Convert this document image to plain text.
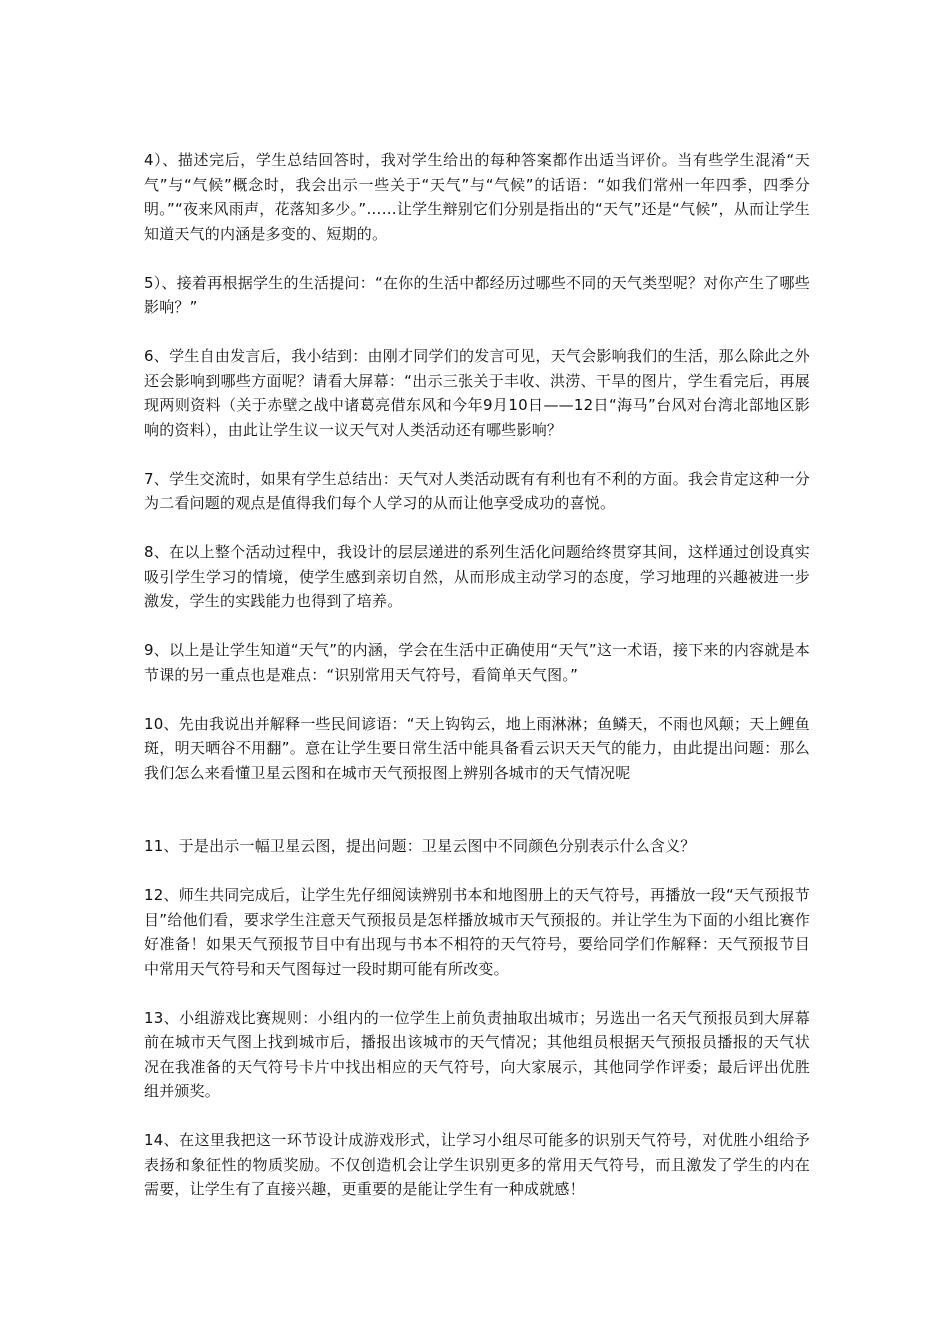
4）、描述完后，学生总结回答时，我对学生给出的每种答案都作出适当评价。当有些学生混淆“天气”与“气候”概念时，我会出示一些关于“天气”与“气候”的话语：“如我们常州一年四季，四季分明。”“夜来风雨声，花落知多少。”……让学生辩别它们分别是指出的“天气”还是“气候”，从而让学生知道天气的内涵是多变的、短期的。

5）、接着再根据学生的生活提问：“在你的生活中都经历过哪些不同的天气类型呢？对你产生了哪些影响？”

6、学生自由发言后，我小结到：由刚才同学们的发言可见，天气会影响我们的生活，那么除此之外还会影响到哪些方面呢？请看大屏幕：“出示三张关于丰收、洪涝、干旱的图片，学生看完后，再展现两则资料（关于赤壁之战中诸葛亮借东风和今年9月10日——12日“海马”台风对台湾北部地区影响的资料），由此让学生议一议天气对人类活动还有哪些影响？

7、学生交流时，如果有学生总结出：天气对人类活动既有有利也有不利的方面。我会肯定这种一分为二看问题的观点是值得我们每个人学习的从而让他享受成功的喜悦。

8、在以上整个活动过程中，我设计的层层递进的系列生活化问题给终贯穿其间，这样通过创设真实吸引学生学习的情境，使学生感到亲切自然，从而形成主动学习的态度，学习地理的兴趣被进一步激发，学生的实践能力也得到了培养。

9、以上是让学生知道“天气”的内涵，学会在生活中正确使用“天气”这一术语，接下来的内容就是本节课的另一重点也是难点：“识别常用天气符号，看简单天气图。”

10、先由我说出并解释一些民间谚语：“天上钩钩云，地上雨淋淋；鱼鳞天，不雨也风颠；天上鲤鱼斑，明天晒谷不用翻”。意在让学生要日常生活中能具备看云识天天气的能力，由此提出问题：那么我们怎么来看懂卫星云图和在城市天气预报图上辨别各城市的天气情况呢

11、于是出示一幅卫星云图，提出问题：卫星云图中不同颜色分别表示什么含义？

12、师生共同完成后，让学生先仔细阅读辨别书本和地图册上的天气符号，再播放一段“天气预报节目”给他们看，要求学生注意天气预报员是怎样播放城市天气预报的。并让学生为下面的小组比赛作好准备！如果天气预报节目中有出现与书本不相符的天气符号，要给同学们作解释：天气预报节目中常用天气符号和天气图每过一段时期可能有所改变。

13、小组游戏比赛规则：小组内的一位学生上前负责抽取出城市；另选出一名天气预报员到大屏幕前在城市天气图上找到城市后，播报出该城市的天气情况；其他组员根据天气预报员播报的天气状况在我准备的天气符号卡片中找出相应的天气符号，向大家展示，其他同学作评委；最后评出优胜组并颁奖。

14、在这里我把这一环节设计成游戏形式，让学习小组尽可能多的识别天气符号，对优胜小组给予表扬和象征性的物质奖励。不仅创造机会让学生识别更多的常用天气符号，而且激发了学生的内在需要，让学生有了直接兴趣，更重要的是能让学生有一种成就感！
